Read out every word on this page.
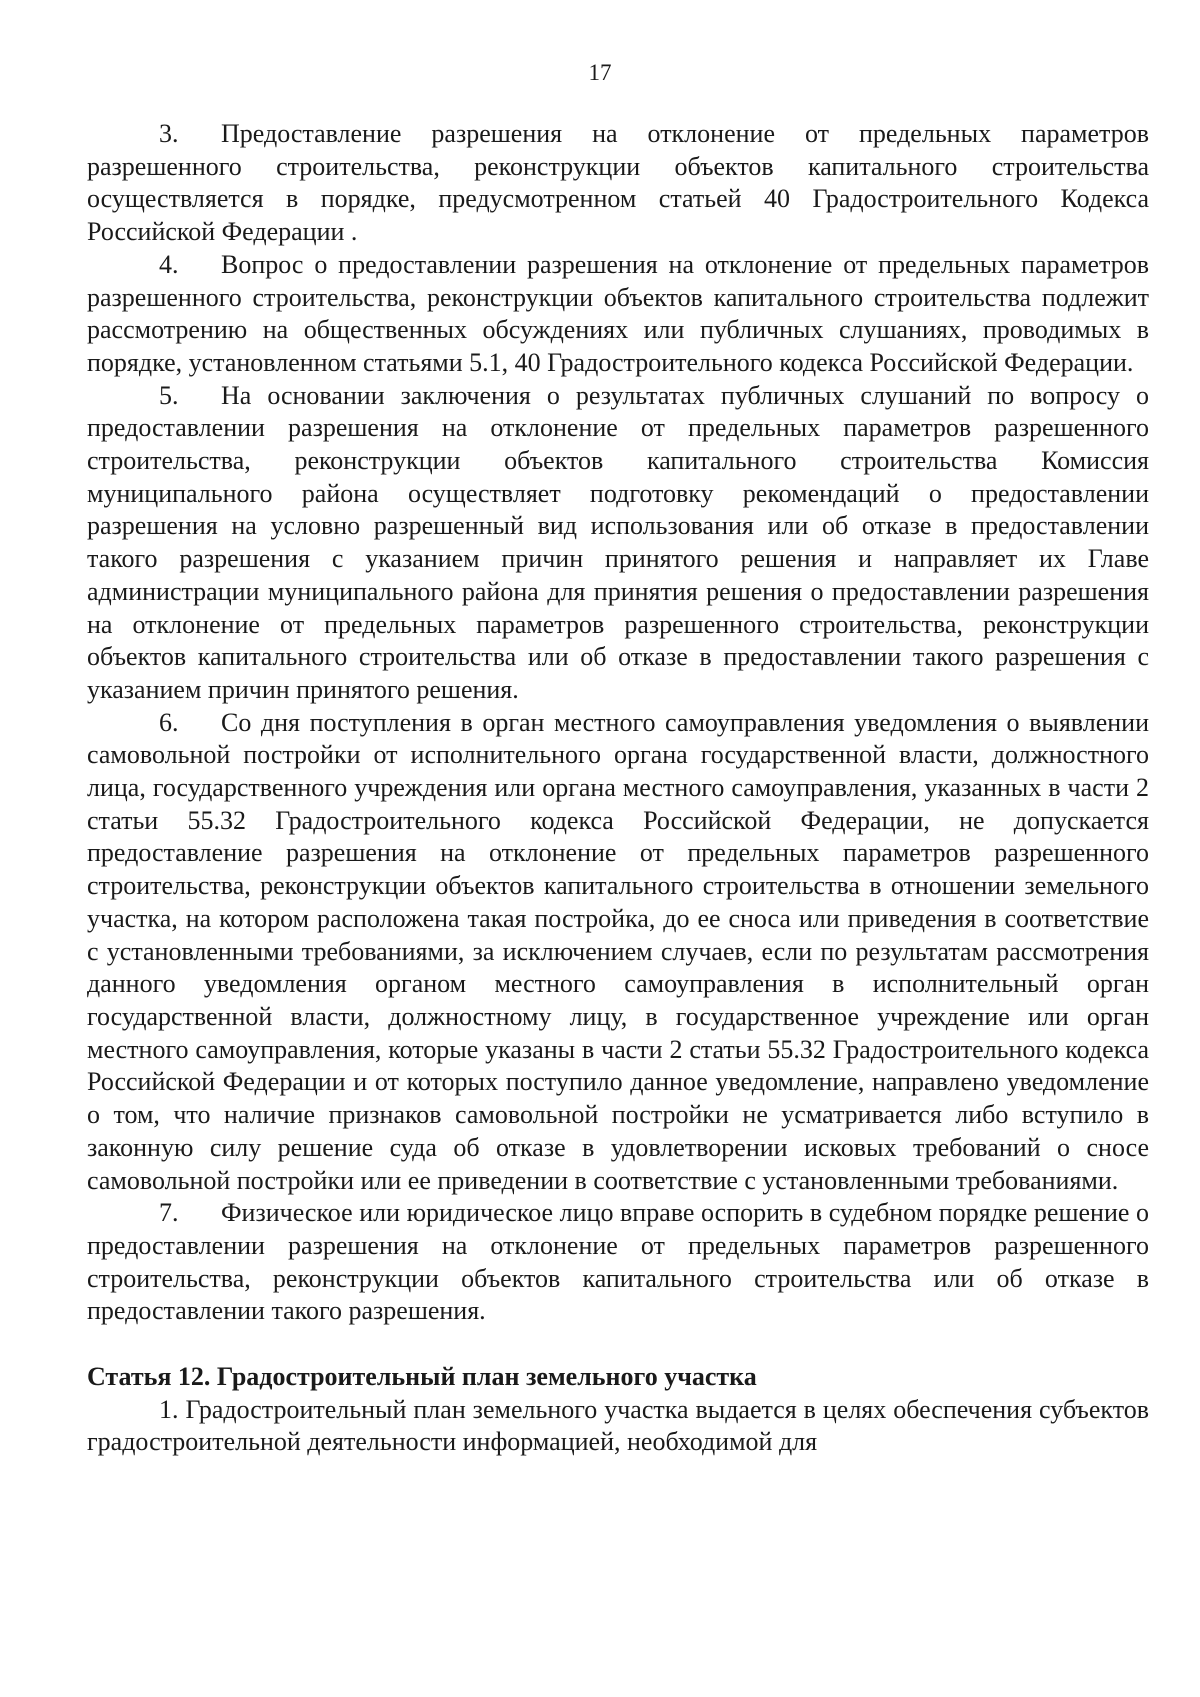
17

3. Предоставление разрешения на отклонение от предельных параметров разрешенного строительства, реконструкции объектов капитального строительства осуществляется в порядке, предусмотренном статьей 40 Градостроительного Кодекса Российской Федерации .

4. Вопрос о предоставлении разрешения на отклонение от предельных параметров разрешенного строительства, реконструкции объектов капитального строительства подлежит рассмотрению на общественных обсуждениях или публичных слушаниях, проводимых в порядке, установленном статьями 5.1, 40 Градостроительного кодекса Российской Федерации.

5. На основании заключения о результатах публичных слушаний по вопросу о предоставлении разрешения на отклонение от предельных параметров разрешенного строительства, реконструкции объектов капитального строительства Комиссия муниципального района осуществляет подготовку рекомендаций о предоставлении разрешения на условно разрешенный вид использования или об отказе в предоставлении такого разрешения с указанием причин принятого решения и направляет их Главе администрации муниципального района для принятия решения о предоставлении разрешения на отклонение от предельных параметров разрешенного строительства, реконструкции объектов капитального строительства или об отказе в предоставлении такого разрешения с указанием причин принятого решения.

6. Со дня поступления в орган местного самоуправления уведомления о выявлении самовольной постройки от исполнительного органа государственной власти, должностного лица, государственного учреждения или органа местного самоуправления, указанных в части 2 статьи 55.32 Градостроительного кодекса Российской Федерации, не допускается предоставление разрешения на отклонение от предельных параметров разрешенного строительства, реконструкции объектов капитального строительства в отношении земельного участка, на котором расположена такая постройка, до ее сноса или приведения в соответствие с установленными требованиями, за исключением случаев, если по результатам рассмотрения данного уведомления органом местного самоуправления в исполнительный орган государственной власти, должностному лицу, в государственное учреждение или орган местного самоуправления, которые указаны в части 2 статьи 55.32 Градостроительного кодекса Российской Федерации и от которых поступило данное уведомление, направлено уведомление о том, что наличие признаков самовольной постройки не усматривается либо вступило в законную силу решение суда об отказе в удовлетворении исковых требований о сносе самовольной постройки или ее приведении в соответствие с установленными требованиями.

7. Физическое или юридическое лицо вправе оспорить в судебном порядке решение о предоставлении разрешения на отклонение от предельных параметров разрешенного строительства, реконструкции объектов капитального строительства или об отказе в предоставлении такого разрешения.

Статья 12. Градостроительный план земельного участка

1. Градостроительный план земельного участка выдается в целях обеспечения субъектов градостроительной деятельности информацией, необходимой для
